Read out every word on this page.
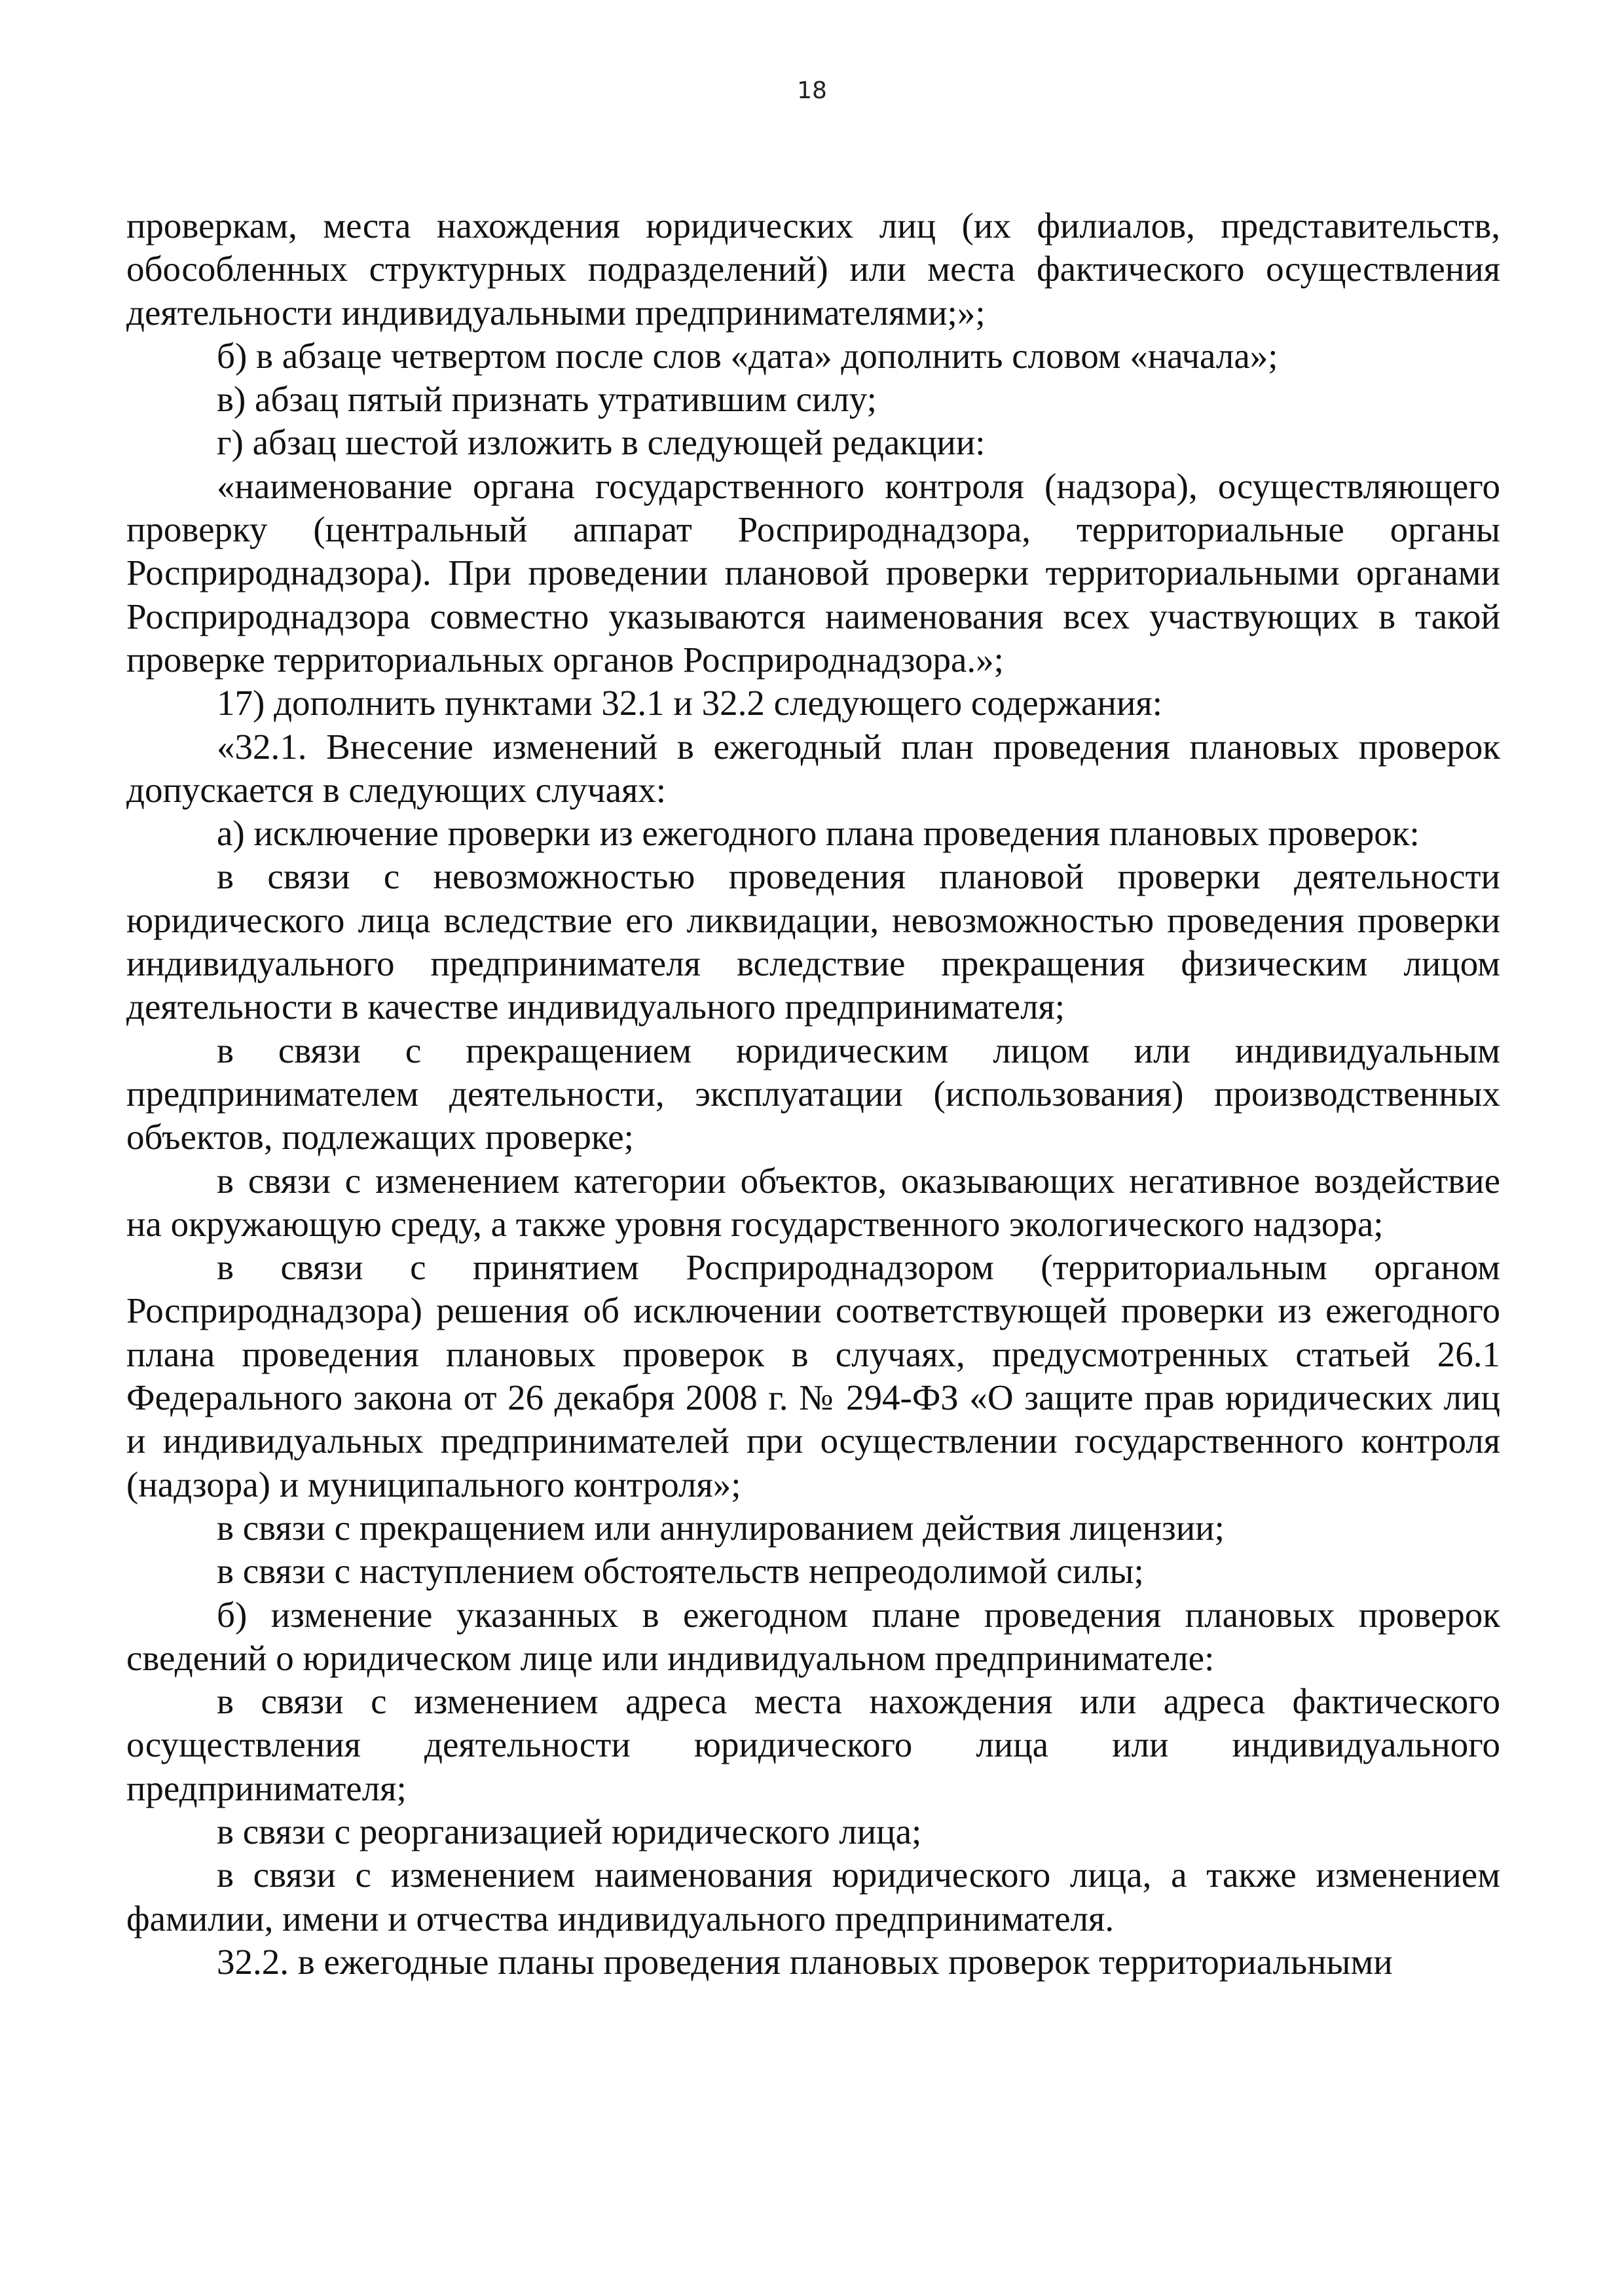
18

проверкам, места нахождения юридических лиц (их филиалов, представительств, обособленных структурных подразделений) или места фактического осуществления деятельности индивидуальными предпринимателями;»;

б) в абзаце четвертом после слов «дата» дополнить словом «начала»;

в) абзац пятый признать утратившим силу;

г) абзац шестой изложить в следующей редакции:

«наименование органа государственного контроля (надзора), осуществляющего проверку (центральный аппарат Росприроднадзора, территориальные органы Росприроднадзора). При проведении плановой проверки территориальными органами Росприроднадзора совместно указываются наименования всех участвующих в такой проверке территориальных органов Росприроднадзора.»;

17) дополнить пунктами 32.1 и 32.2 следующего содержания:

«32.1. Внесение изменений в ежегодный план проведения плановых проверок допускается в следующих случаях:

а) исключение проверки из ежегодного плана проведения плановых проверок:

в связи с невозможностью проведения плановой проверки деятельности юридического лица вследствие его ликвидации, невозможностью проведения проверки индивидуального предпринимателя вследствие прекращения физическим лицом деятельности в качестве индивидуального предпринимателя;

в связи с прекращением юридическим лицом или индивидуальным предпринимателем деятельности, эксплуатации (использования) производственных объектов, подлежащих проверке;

в связи с изменением категории объектов, оказывающих негативное воздействие на окружающую среду, а также уровня государственного экологического надзора;

в связи с принятием Росприроднадзором (территориальным органом Росприроднадзора) решения об исключении соответствующей проверки из ежегодного плана проведения плановых проверок в случаях, предусмотренных статьей 26.1 Федерального закона от 26 декабря 2008 г. № 294-ФЗ «О защите прав юридических лиц и индивидуальных предпринимателей при осуществлении государственного контроля (надзора) и муниципального контроля»;

в связи с прекращением или аннулированием действия лицензии;

в связи с наступлением обстоятельств непреодолимой силы;

б) изменение указанных в ежегодном плане проведения плановых проверок сведений о юридическом лице или индивидуальном предпринимателе:

в связи с изменением адреса места нахождения или адреса фактического осуществления деятельности юридического лица или индивидуального предпринимателя;

в связи с реорганизацией юридического лица;

в связи с изменением наименования юридического лица, а также изменением фамилии, имени и отчества индивидуального предпринимателя.

32.2. в ежегодные планы проведения плановых проверок территориальными
